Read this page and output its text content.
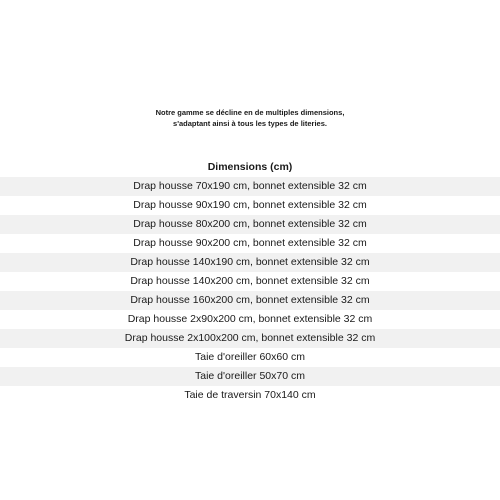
Notre gamme se décline en de multiples dimensions,
s'adaptant ainsi à tous les types de literies.
Dimensions (cm)
Drap housse 70x190 cm, bonnet extensible 32 cm
Drap housse 90x190 cm, bonnet extensible 32 cm
Drap housse 80x200 cm, bonnet extensible 32 cm
Drap housse 90x200 cm, bonnet extensible 32 cm
Drap housse 140x190 cm, bonnet extensible 32 cm
Drap housse 140x200 cm, bonnet extensible 32 cm
Drap housse 160x200 cm, bonnet extensible 32 cm
Drap housse 2x90x200 cm, bonnet extensible 32 cm
Drap housse 2x100x200 cm, bonnet extensible 32 cm
Taie d'oreiller 60x60 cm
Taie d'oreiller 50x70 cm
Taie de traversin 70x140 cm
